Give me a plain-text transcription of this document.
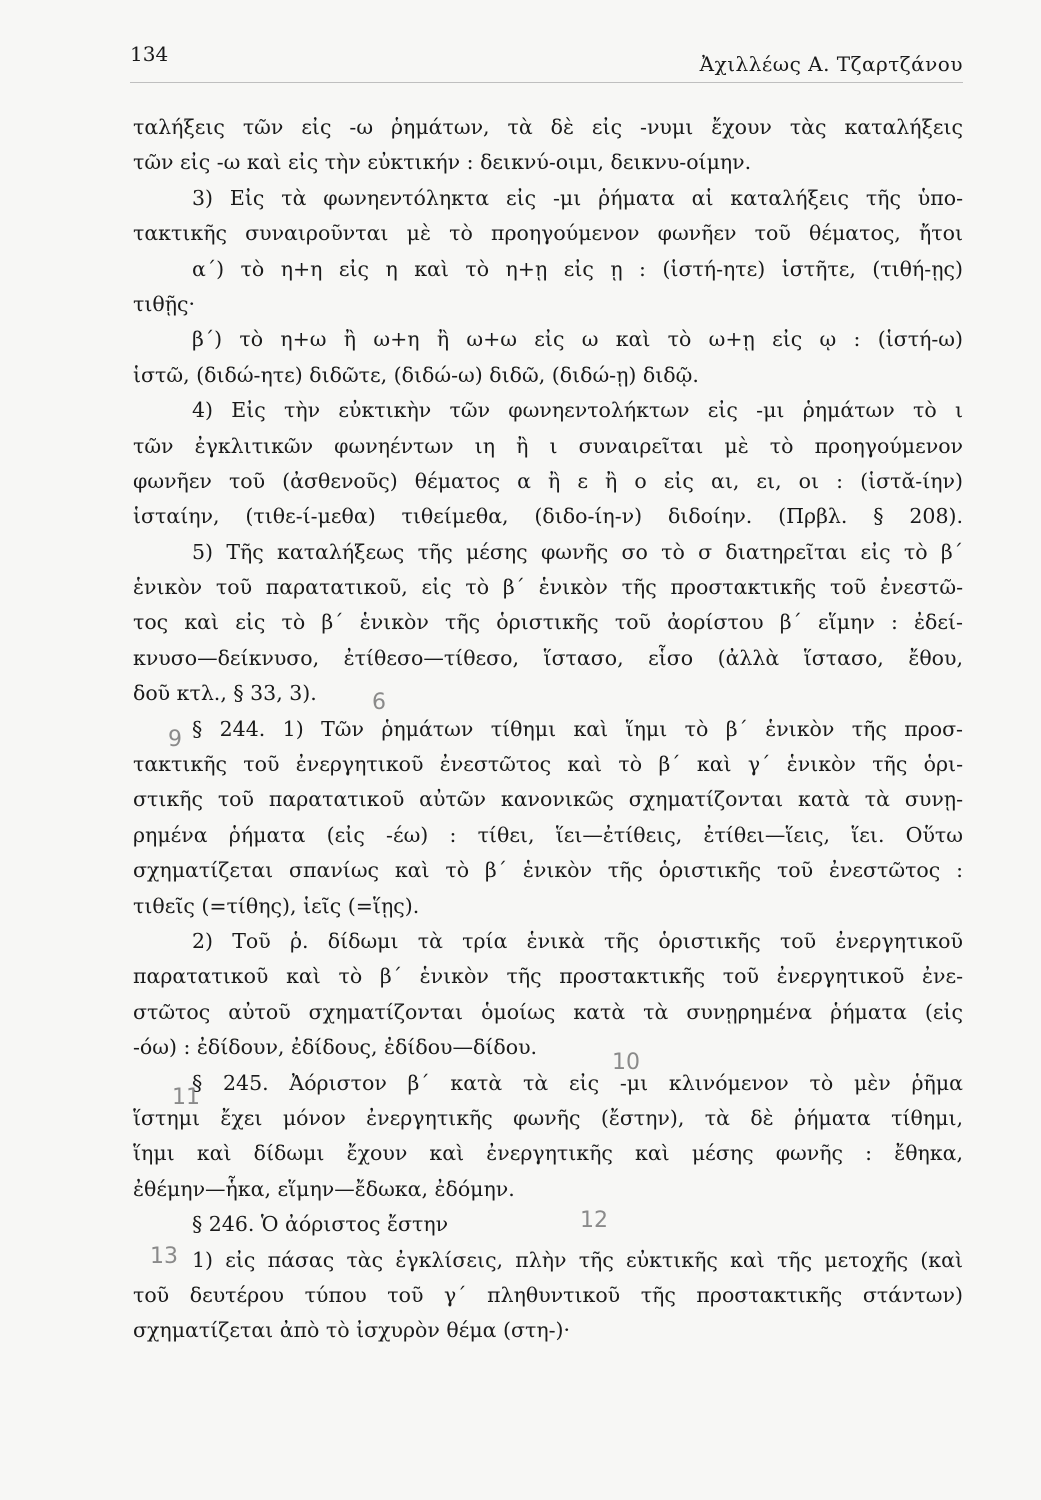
134	Ἀχιλλέως Α. Τζαρτζάνου
ταλήξεις τῶν εἰς -ω ῥημάτων, τὰ δὲ εἰς -νυμι ἔχουν τὰς καταλήξεις
τῶν εἰς -ω καὶ εἰς τὴν εὐκτικήν : δεικνύ-οιμι, δεικνυ-οίμην.
3) Εἰς τὰ φωνηεντόληκτα εἰς -μι ῥήματα αἱ καταλήξεις τῆς ὑπο-
τακτικῆς συναιροῦνται μὲ τὸ προηγούμενον φωνῆεν τοῦ θέματος, ἤτοι
α´) τὸ η+η εἰς η καὶ τὸ η+ῃ εἰς ῃ : (ἱστή-ητε) ἱστῆτε, (τιθή-ῃς)
τιθῇς·
β´) τὸ η+ω ἢ ω+η ἢ ω+ω εἰς ω καὶ τὸ ω+ῃ εἰς ῳ : (ἱστή-ω)
ἱστῶ, (διδώ-ητε) διδῶτε, (διδώ-ω) διδῶ, (διδώ-ῃ) διδῷ.
4) Εἰς τὴν εὐκτικὴν τῶν φωνηεντολήκτων εἰς -μι ῥημάτων τὸ ι
τῶν ἐγκλιτικῶν φωνηέντων ιη ἢ ι συναιρεῖται μὲ τὸ προηγούμενον
φωνῆεν τοῦ (ἀσθενοῦς) θέματος α ἢ ε ἢ ο εἰς αι, ει, οι : (ἱστᾰ-ίην)
ἱσταίην, (τιθε-ί-μεθα) τιθείμεθα, (διδο-ίη-ν) διδοίην. (Πρβλ. § 208).
5) Τῆς καταλήξεως τῆς μέσης φωνῆς σο τὸ σ διατηρεῖται εἰς τὸ β´
ἑνικὸν τοῦ παρατατικοῦ, εἰς τὸ β´ ἑνικὸν τῆς προστακτικῆς τοῦ ἐνεστῶ-
τος καὶ εἰς τὸ β´ ἑνικὸν τῆς ὁριστικῆς τοῦ ἀορίστου β´ εἵμην : ἐδεί-
κνυσο—δείκνυσο, ἐτίθεσο—τίθεσο, ἵστασο, εἷσο (ἀλλὰ ἵστασο, ἔθου,
δοῦ κτλ., § 33, 3).
§ 244. 1) Τῶν ῥημάτων τίθημι καὶ ἵημι τὸ β´ ἑνικὸν τῆς προσ-
τακτικῆς τοῦ ἐνεργητικοῦ ἐνεστῶτος καὶ τὸ β´ καὶ γ´ ἑνικὸν τῆς ὁρι-
στικῆς τοῦ παρατατικοῦ αὐτῶν κανονικῶς σχηματίζονται κατὰ τὰ συνῃ-
ρημένα ῥήματα (εἰς -έω) : τίθει, ἵει—ἐτίθεις, ἐτίθει—ἵεις, ἵει. Οὕτω
σχηματίζεται σπανίως καὶ τὸ β´ ἑνικὸν τῆς ὁριστικῆς τοῦ ἐνεστῶτος :
τιθεῖς (=τίθης), ἱεῖς (=ἵῃς).
2) Τοῦ ῥ. δίδωμι τὰ τρία ἑνικὰ τῆς ὁριστικῆς τοῦ ἐνεργητικοῦ
παρατατικοῦ καὶ τὸ β´ ἑνικὸν τῆς προστακτικῆς τοῦ ἐνεργητικοῦ ἐνε-
στῶτος αὐτοῦ σχηματίζονται ὁμοίως κατὰ τὰ συνῃρημένα ῥήματα (εἰς
-όω) : ἐδίδουν, ἐδίδους, ἐδίδου—δίδου.
§ 245. Ἀόριστον β´ κατὰ τὰ εἰς -μι κλινόμενον τὸ μὲν ῥῆμα
ἵστημι ἔχει μόνον ἐνεργητικῆς φωνῆς (ἔστην), τὰ δὲ ῥήματα τίθημι,
ἵημι καὶ δίδωμι ἔχουν καὶ ἐνεργητικῆς καὶ μέσης φωνῆς : ἔθηκα,
ἐθέμην—ἧκα, εἵμην—ἔδωκα, ἐδόμην.
§ 246. Ὁ ἀόριστος ἔστην
1) εἰς πάσας τὰς ἐγκλίσεις, πλὴν τῆς εὐκτικῆς καὶ τῆς μετοχῆς (καὶ
τοῦ δευτέρου τύπου τοῦ γ´ πληθυντικοῦ τῆς προστακτικῆς στάντων)
σχηματίζεται ἀπὸ τὸ ἰσχυρὸν θέμα (στη-)·
6
9
10
11
12
13
